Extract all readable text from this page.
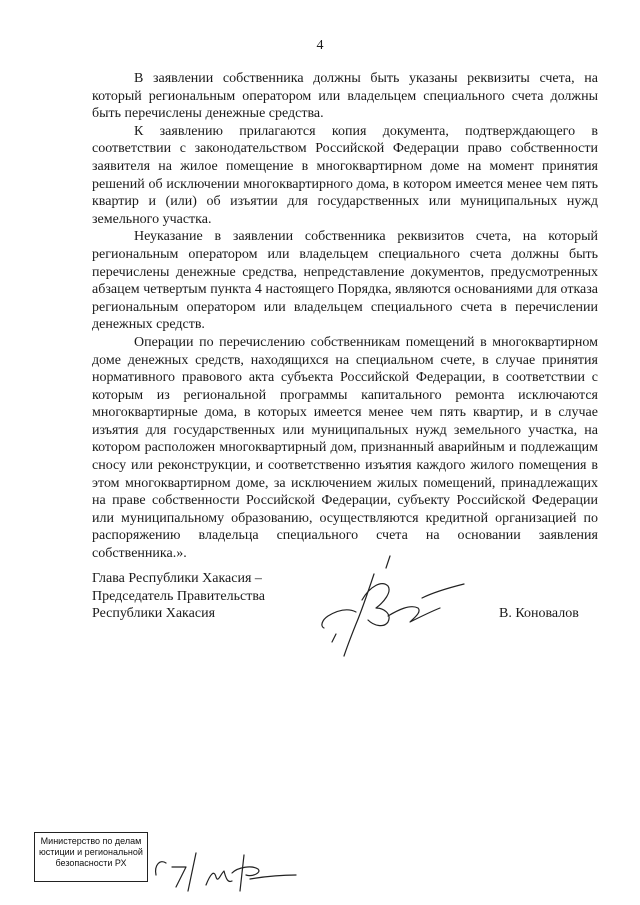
4

В заявлении собственника должны быть указаны реквизиты счета, на который региональным оператором или владельцем специального счета должны быть перечислены денежные средства.

К заявлению прилагаются копия документа, подтверждающего в соответствии с законодательством Российской Федерации право собственности заявителя на жилое помещение в многоквартирном доме на момент принятия решений об исключении многоквартирного дома, в котором имеется менее чем пять квартир и (или) об изъятии для государственных или муниципальных нужд земельного участка.

Неуказание в заявлении собственника реквизитов счета, на который региональным оператором или владельцем специального счета должны быть перечислены денежные средства, непредставление документов, предусмотренных абзацем четвертым пункта 4 настоящего Порядка, являются основаниями для отказа региональным оператором или владельцем специального счета в перечислении денежных средств.

Операции по перечислению собственникам помещений в многоквартирном доме денежных средств, находящихся на специальном счете, в случае принятия нормативного правового акта субъекта Российской Федерации, в соответствии с которым из региональной программы капитального ремонта исключаются многоквартирные дома, в которых имеется менее чем пять квартир, и в случае изъятия для государственных или муниципальных нужд земельного участка, на котором расположен многоквартирный дом, признанный аварийным и подлежащим сносу или реконструкции, и соответственно изъятия каждого жилого помещения в этом многоквартирном доме, за исключением жилых помещений, принадлежащих на праве собственности Российской Федерации, субъекту Российской Федерации или муниципальному образованию, осуществляются кредитной организацией по распоряжению владельца специального счета на основании заявления собственника.».

Глава Республики Хакасия –
Председатель Правительства
Республики Хакасия	В. Коновалов
Министерство по делам
юстиции и региональной
безопасности РХ
